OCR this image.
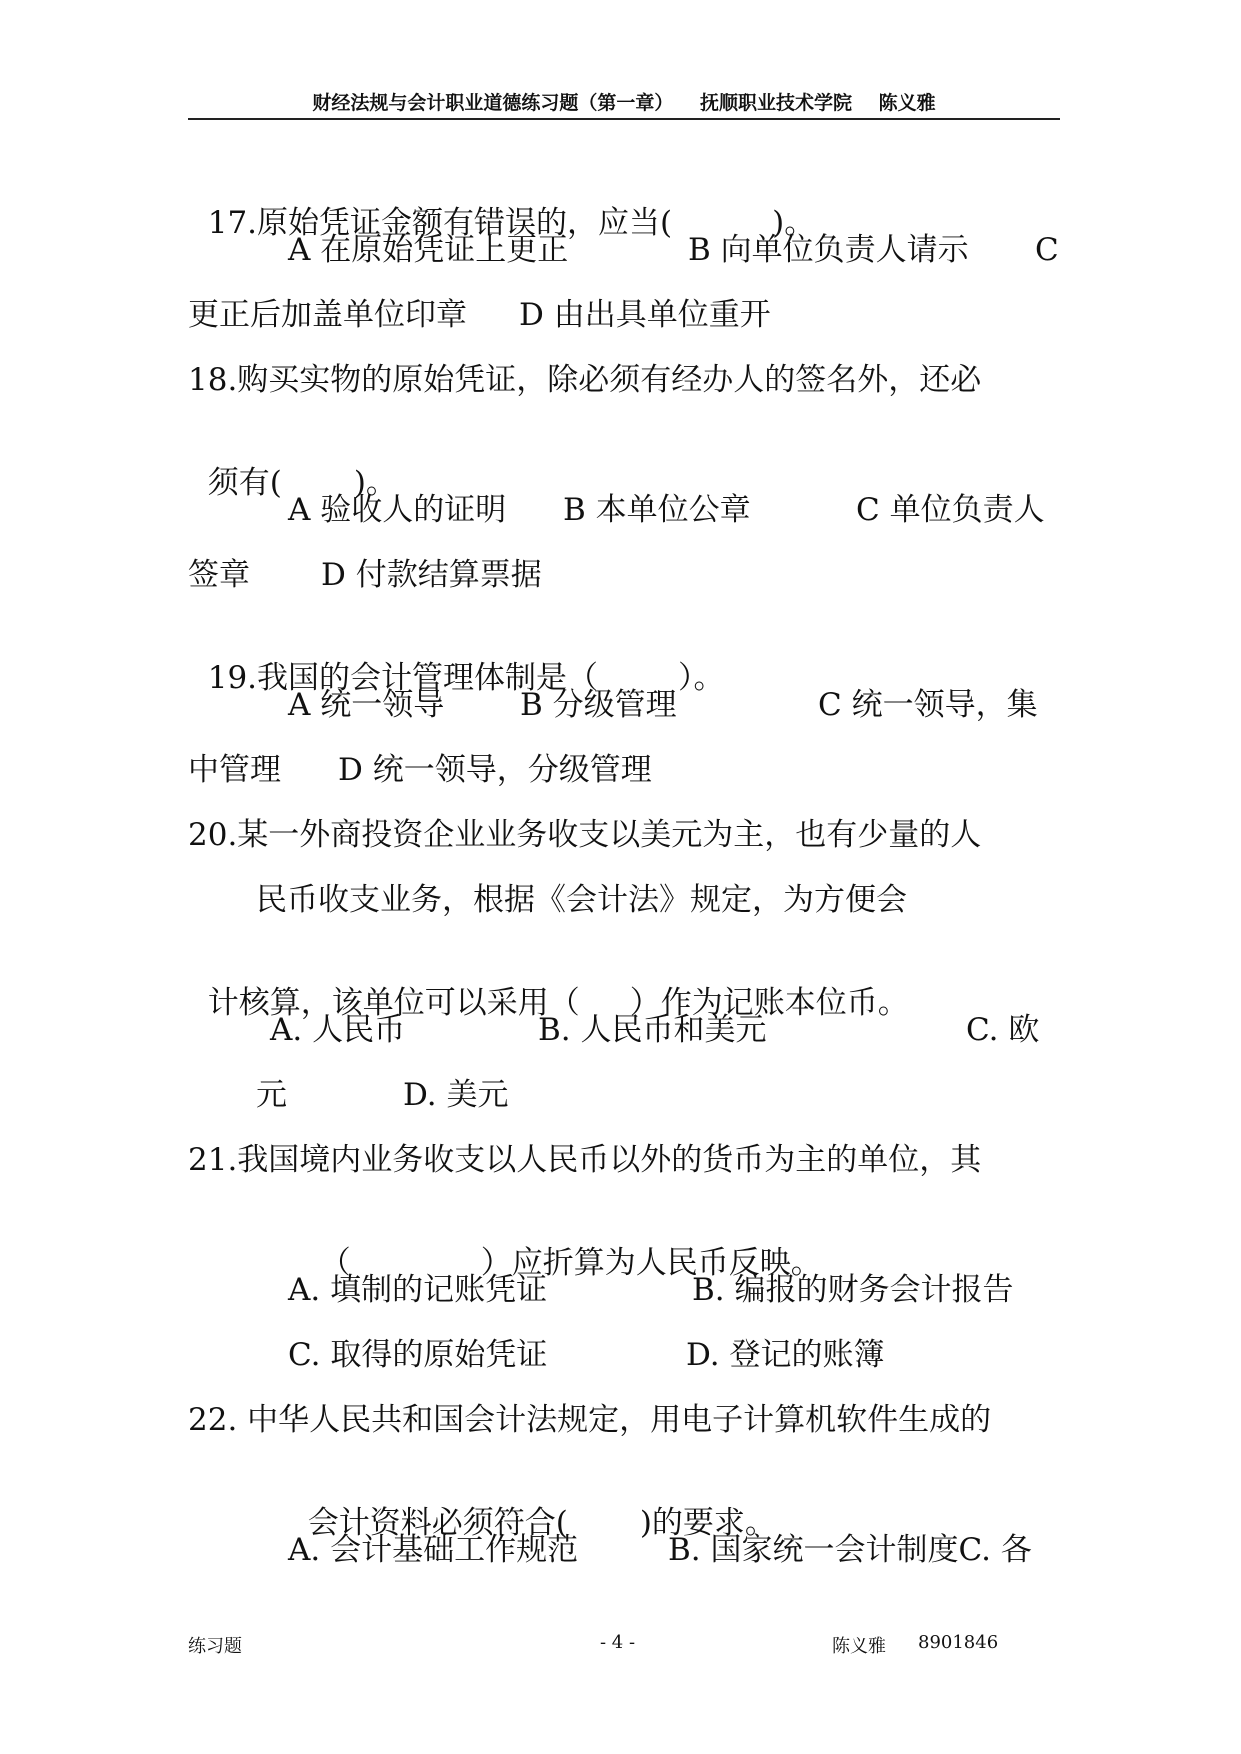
财经法规与会计职业道德练习题（第一章） 抚顺职业技术学院 陈义雅

17.原始凭证金额有错误的，应当(	)。

A 在原始凭证上更正	B 向单位负责人请示 C
更正后加盖单位印章 D 由出具单位重开
18.购买实物的原始凭证，除必须有经办人的签名外，还必

须有( )。

A 验收人的证明 B 本单位公章	C 单位负责人
签章 D 付款结算票据

19.我国的会计管理体制是（	）。

A 统一领导 B 分级管理	C 统一领导，集
中管理 D 统一领导，分级管理
20.某一外商投资企业业务收支以美元为主，也有少量的人
民币收支业务，根据《会计法》规定，为方便会

计核算，该单位可以采用（ ）作为记账本位币。

A. 人民币	B. 人民币和美元	C. 欧
元	D. 美元
21.我国境内业务收支以人民币以外的货币为主的单位，其

（	）应折算为人民币反映。

A. 填制的记账凭证	B. 编报的财务会计报告
C. 取得的原始凭证	D. 登记的账簿
22. 中华人民共和国会计法规定，用电子计算机软件生成的

会计资料必须符合( )的要求。

A. 会计基础工作规范	B. 国家统一会计制度C. 各
练习题	- 4 -	陈义雅 8901846
